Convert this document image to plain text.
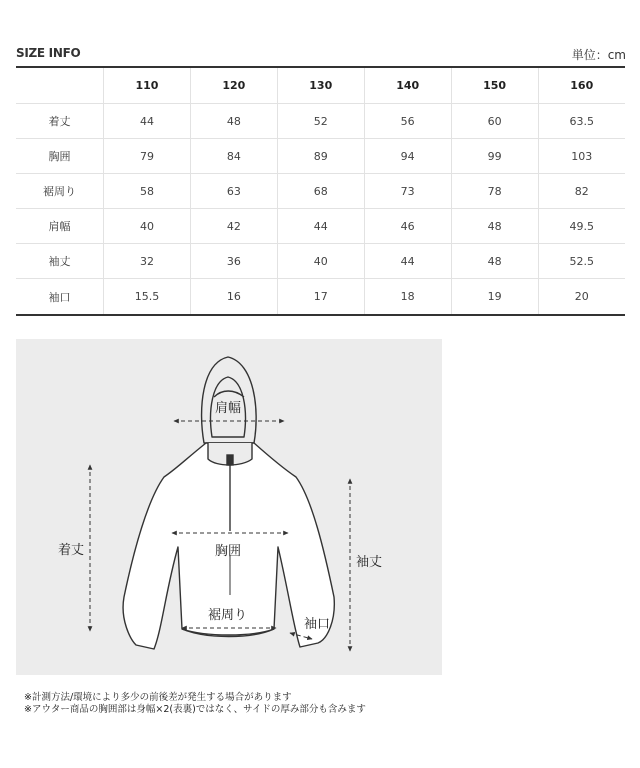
SIZE INFO	単位：cm
	110	120	130	140	150	160
着丈	44	48	52	56	60	63.5
胸囲	79	84	89	94	99	103
裾周り	58	63	68	73	78	82
肩幅	40	42	44	46	48	49.5
袖丈	32	36	40	44	48	52.5
袖口	15.5	16	17	18	19	20
肩幅
着丈	胸囲
裾周り
袖丈
袖口
※計測方法/環境により多少の前後差が発生する場合があります
※アウター商品の胸囲部は身幅×2(表裏)ではなく、サイドの厚み部分も含みます
